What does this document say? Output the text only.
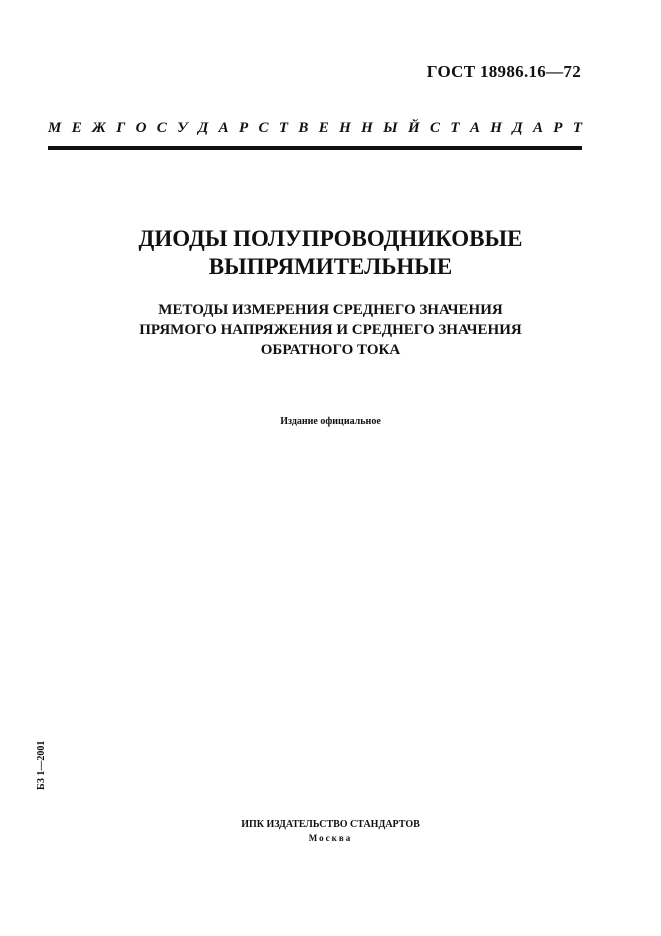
ГОСТ 18986.16—72
М Е Ж Г О С У Д А Р С Т В Е Н Н Ы Й С Т А Н Д А Р Т
ДИОДЫ ПОЛУПРОВОДНИКОВЫЕ
ВЫПРЯМИТЕЛЬНЫЕ
МЕТОДЫ ИЗМЕРЕНИЯ СРЕДНЕГО ЗНАЧЕНИЯ
ПРЯМОГО НАПРЯЖЕНИЯ И СРЕДНЕГО ЗНАЧЕНИЯ
ОБРАТНОГО ТОКА
Издание официальное
БЗ 1—2001
ИПК ИЗДАТЕЛЬСТВО СТАНДАРТОВ
Москва
